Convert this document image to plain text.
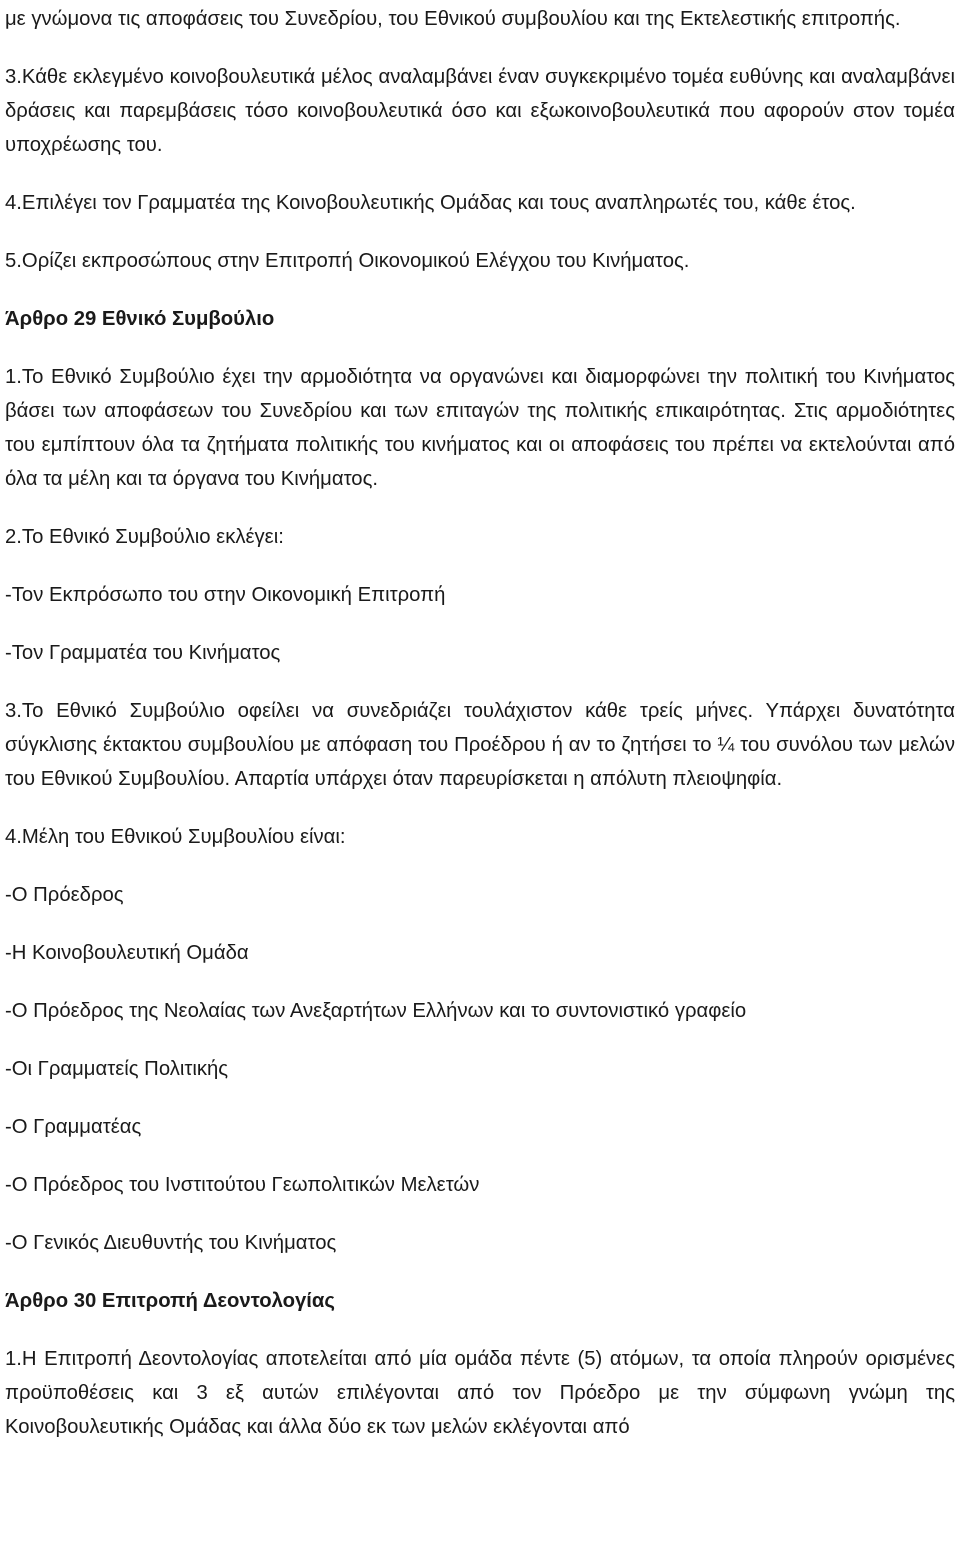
με γνώμονα τις αποφάσεις του Συνεδρίου, του Εθνικού συμβουλίου και της Εκτελεστικής επιτροπής.

3.Κάθε εκλεγμένο κοινοβουλευτικά μέλος αναλαμβάνει έναν συγκεκριμένο τομέα ευθύνης και αναλαμβάνει δράσεις και παρεμβάσεις τόσο κοινοβουλευτικά όσο και εξωκοινοβουλευτικά που αφορούν στον τομέα υποχρέωσης του.

4.Επιλέγει τον Γραμματέα της Κοινοβουλευτικής Ομάδας και τους αναπληρωτές του, κάθε έτος.

5.Ορίζει εκπροσώπους στην Επιτροπή Οικονομικού Ελέγχου του Κινήματος.

Άρθρο 29 Εθνικό Συμβούλιο

1.Το Εθνικό Συμβούλιο έχει την αρμοδιότητα να οργανώνει και διαμορφώνει την πολιτική του Κινήματος βάσει των αποφάσεων του Συνεδρίου και των επιταγών της πολιτικής επικαιρότητας. Στις αρμοδιότητες του εμπίπτουν όλα τα ζητήματα πολιτικής του κινήματος και οι αποφάσεις του πρέπει να εκτελούνται από όλα τα μέλη και τα όργανα του Κινήματος.

2.Το Εθνικό Συμβούλιο εκλέγει:

-Τον Εκπρόσωπο του στην Οικονομική Επιτροπή

-Τον Γραμματέα του Κινήματος

3.Το Εθνικό Συμβούλιο οφείλει να συνεδριάζει τουλάχιστον κάθε τρείς μήνες. Υπάρχει δυνατότητα σύγκλισης έκτακτου συμβουλίου με απόφαση του Προέδρου ή αν το ζητήσει το ¼ του συνόλου των μελών του Εθνικού Συμβουλίου. Απαρτία υπάρχει όταν παρευρίσκεται η απόλυτη πλειοψηφία.

4.Μέλη του Εθνικού Συμβουλίου είναι:

-Ο Πρόεδρος

-Η Κοινοβουλευτική Ομάδα

-Ο Πρόεδρος της Νεολαίας των Ανεξαρτήτων Ελλήνων και το συντονιστικό γραφείο

-Οι Γραμματείς Πολιτικής

-Ο Γραμματέας

-Ο Πρόεδρος του Ινστιτούτου Γεωπολιτικών Μελετών

-Ο Γενικός Διευθυντής του Κινήματος

Άρθρο 30 Επιτροπή Δεοντολογίας

1.Η Επιτροπή Δεοντολογίας αποτελείται από μία ομάδα πέντε (5) ατόμων, τα οποία πληρούν ορισμένες προϋποθέσεις και 3 εξ αυτών επιλέγονται από τον Πρόεδρο με την σύμφωνη γνώμη της Κοινοβουλευτικής Ομάδας και άλλα δύο εκ των μελών εκλέγονται από
